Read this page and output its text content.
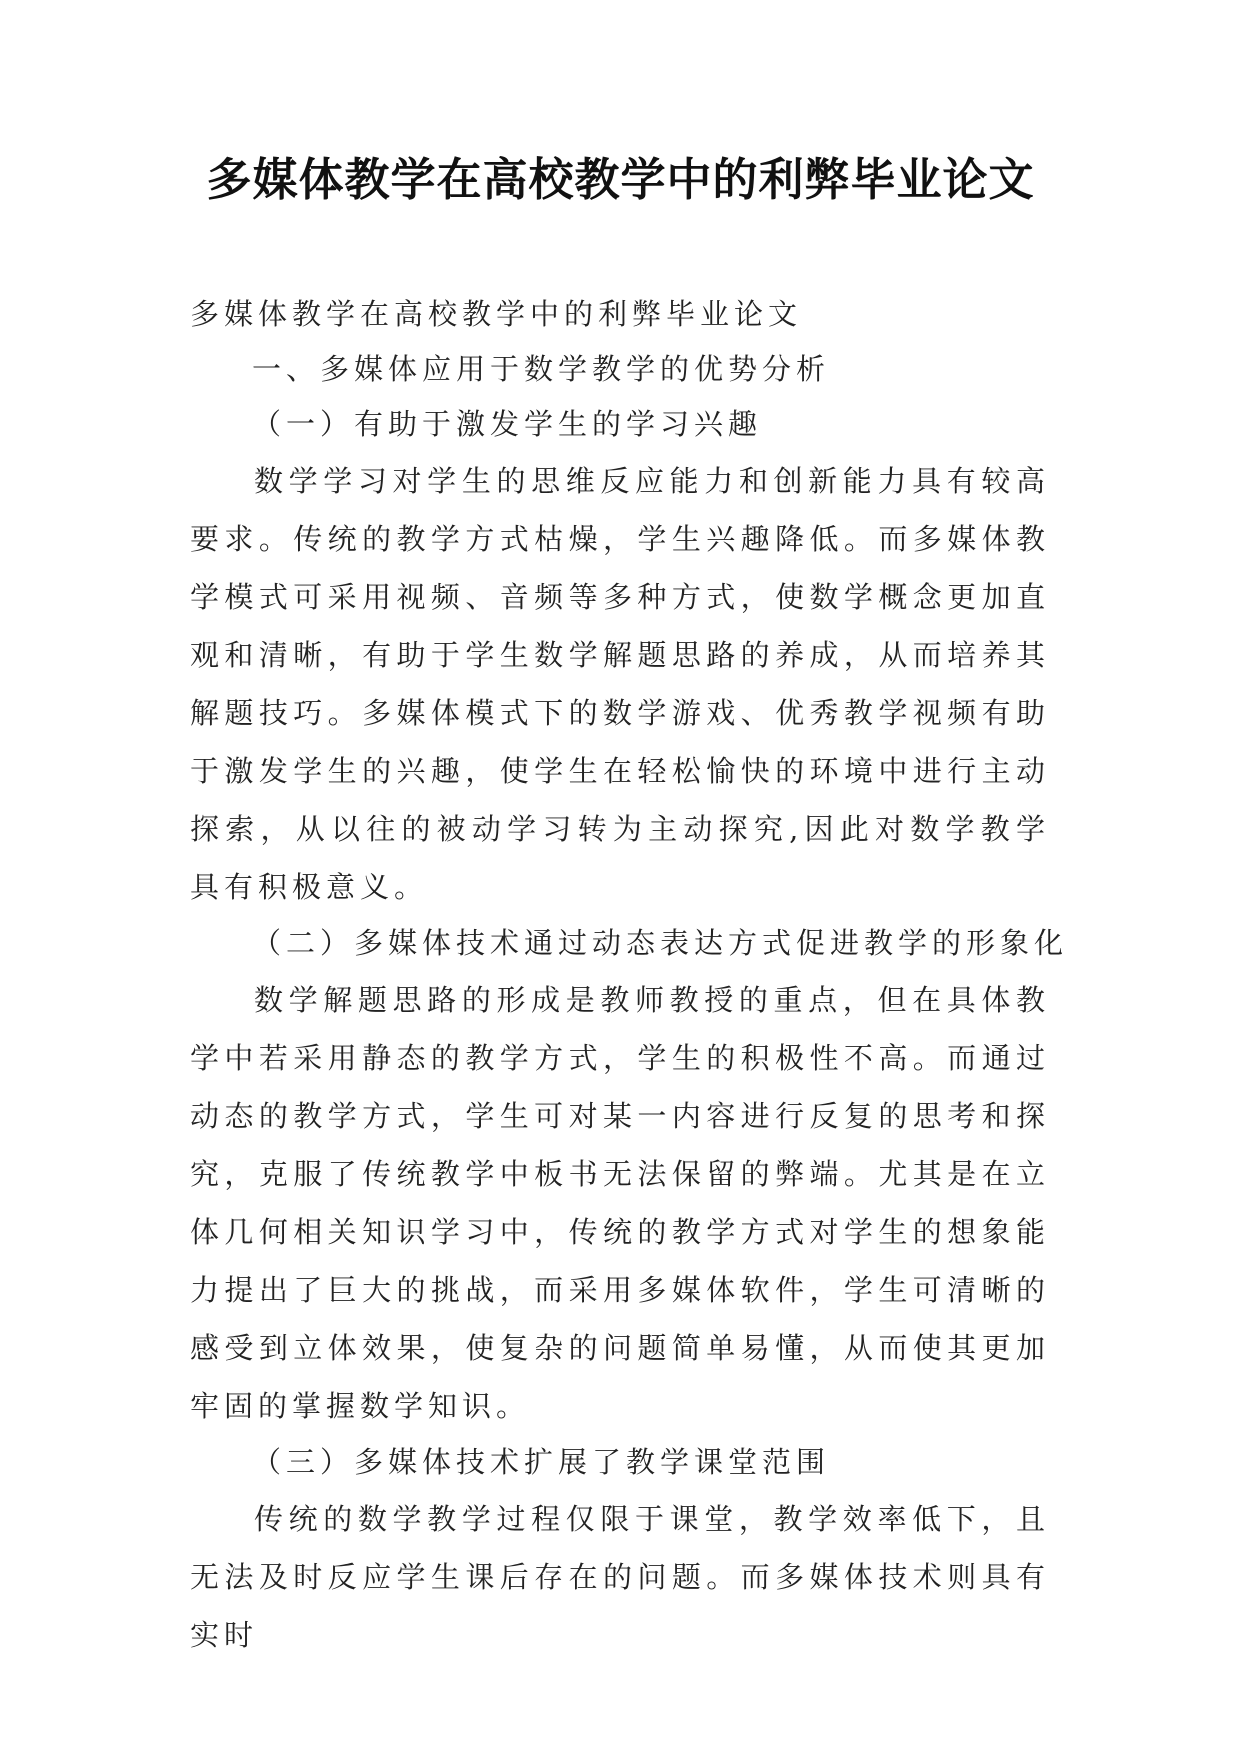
多媒体教学在高校教学中的利弊毕业论文
多媒体教学在高校教学中的利弊毕业论文
一、多媒体应用于数学教学的优势分析
（一）有助于激发学生的学习兴趣

数学学习对学生的思维反应能力和创新能力具有较高要求。传统的教学方式枯燥，学生兴趣降低。而多媒体教学模式可采用视频、音频等多种方式，使数学概念更加直观和清晰，有助于学生数学解题思路的养成，从而培养其解题技巧。多媒体模式下的数学游戏、优秀教学视频有助于激发学生的兴趣，使学生在轻松愉快的环境中进行主动探索，从以往的被动学习转为主动探究,因此对数学教学具有积极意义。

（二）多媒体技术通过动态表达方式促进教学的形象化

数学解题思路的形成是教师教授的重点，但在具体教学中若采用静态的教学方式，学生的积极性不高。而通过动态的教学方式，学生可对某一内容进行反复的思考和探究，克服了传统教学中板书无法保留的弊端。尤其是在立体几何相关知识学习中，传统的教学方式对学生的想象能力提出了巨大的挑战，而采用多媒体软件，学生可清晰的感受到立体效果，使复杂的问题简单易懂，从而使其更加牢固的掌握数学知识。

（三）多媒体技术扩展了教学课堂范围

传统的数学教学过程仅限于课堂，教学效率低下，且无法及时反应学生课后存在的问题。而多媒体技术则具有实时
